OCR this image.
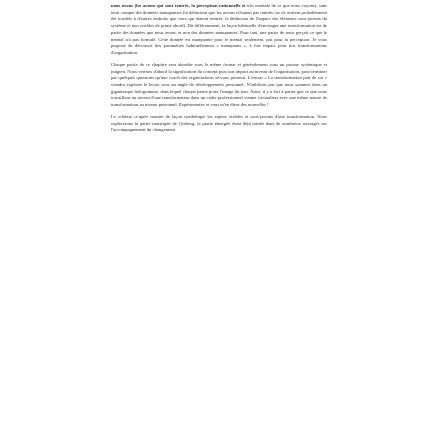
nous avons (les avions qui sont rentrés, la perception rationnelle et très mentale de ce que nous voyons), sans tenir compte des données manquantes (la déduction que les avions n'étaient pas rentrés car ils avaient probablement été touchés à d'autres endroits que ceux qui étaient rentrés, la déduction de l'impact des éléments sous-jacents du système et non visibles de prime abord). Dit différemment, la façon habituelle d'envisager une transformation est de partir des données que nous avons, et non des données manquantes. Pour tant, une partie de nous perçoit ce que le mental n'a pas formulé. Cette donnée est manquante pour le mental seulement, pas pour la perception. Je vous propose de découvrir des paramètres habituellement « manquants », à fort impact pour nos transformations d'organisation.

Chaque partie de ce chapitre sera abordée sous le même format et généralement sous un prisme systémique et jungien. Nous verrons d'abord la signification du concept puis son impact au niveau de l'organisation, pour terminer par quelques questions qu'une coach des organisations se/vous poserait. L'encart « La transformation part de soi » viendra explorer le levier sous un angle de développement personnel. N'oublions pas que nous sommes dans un gigantesque hologramme, dans lequel chaque partie porte l'image du tout. Ainsi, il y a fort à parier que ce que nous travaillons au niveau d'une transformation dans un cadre professionnel vienne s'actualiser avec une même nature de transformation au niveau personnel. Expérimentez et vous m'en direz des nouvelles !

Le schéma ci-après montre de façon synthétique les enjeux visibles et sous-jacents d'une transformation. Nous explorerons la partie immergée de l'iceberg, la partie émergée étant déjà traitée dans de nombreux ouvrages sur l'accompagnement du changement.
